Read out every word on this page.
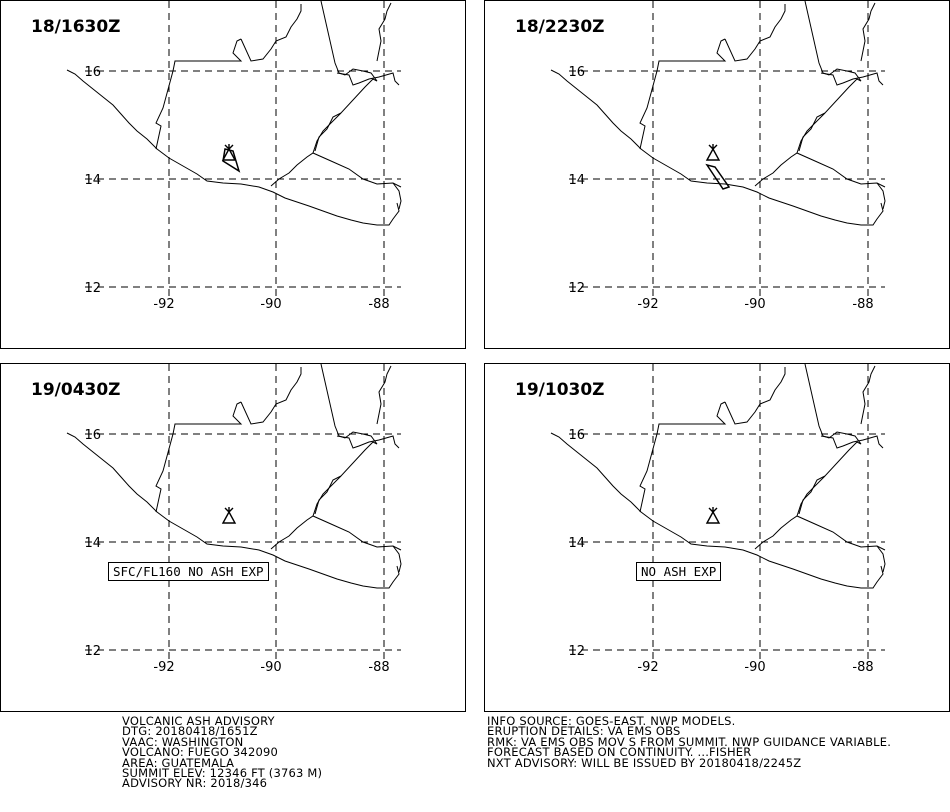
16
14
12
-92	-90	-88
18/1630Z
16
14
12
-92	-90	-88
18/2230Z
16
14
12
-92	-90	-88
19/0430Z
SFC/FL160 NO ASH EXP
16
14
12
-92	-90	-88
19/1030Z
NO ASH EXP
VOLCANIC ASH ADVISORY
DTG: 20180418/1651Z
VAAC: WASHINGTON
VOLCANO: FUEGO 342090
AREA: GUATEMALA
SUMMIT ELEV: 12346 FT (3763 M)
ADVISORY NR: 2018/346
INFO SOURCE: GOES-EAST. NWP MODELS.
ERUPTION DETAILS: VA EMS OBS
RMK: VA EMS OBS MOV S FROM SUMMIT. NWP GUIDANCE VARIABLE.
FORECAST BASED ON CONTINUITY. ...FISHER
NXT ADVISORY: WILL BE ISSUED BY 20180418/2245Z
